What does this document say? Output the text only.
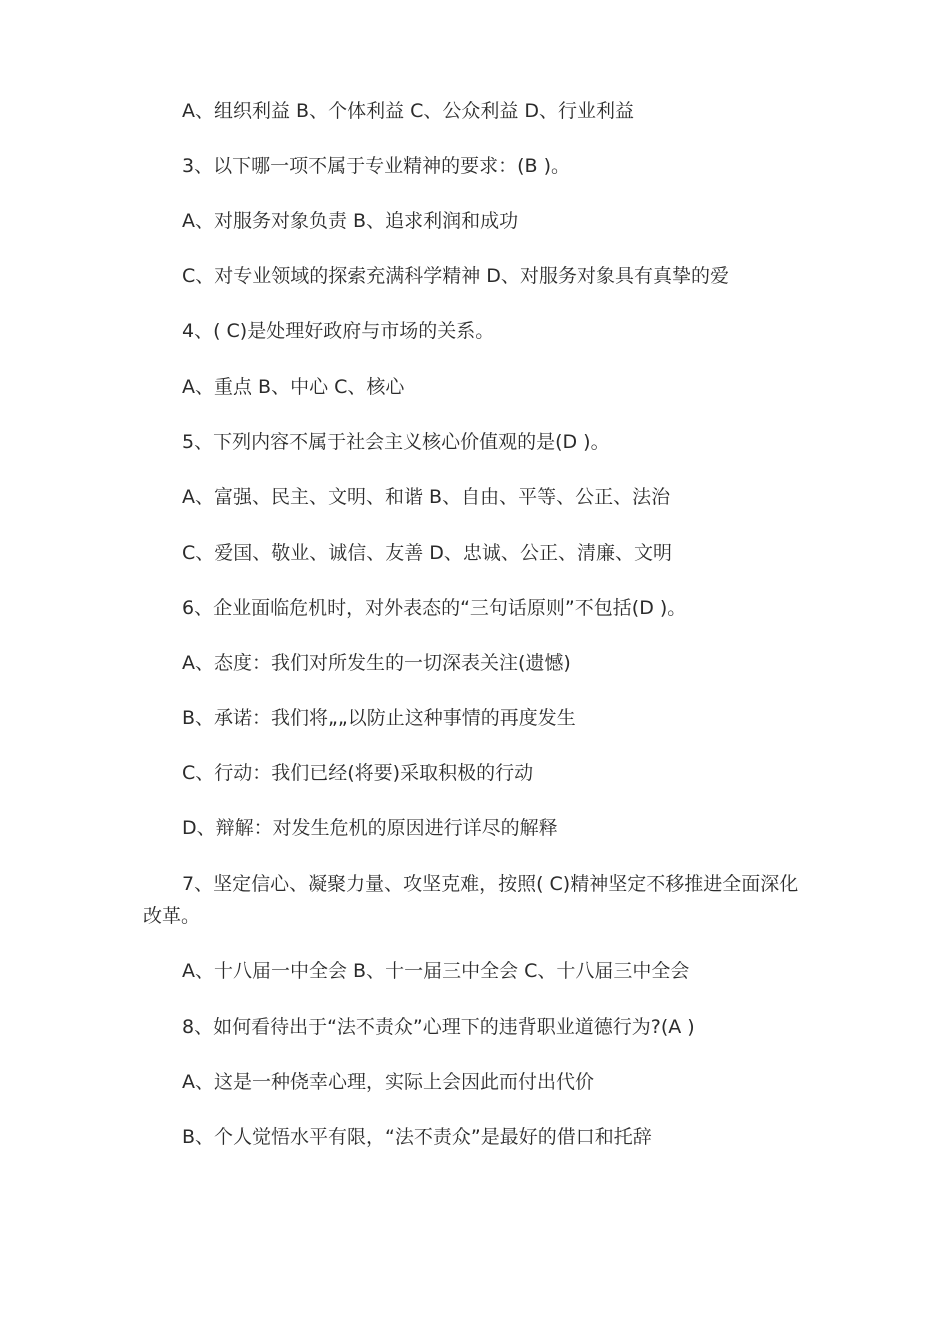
A、组织利益 B、个体利益 C、公众利益 D、行业利益
3、以下哪一项不属于专业精神的要求：(B )。
A、对服务对象负责 B、追求利润和成功
C、对专业领域的探索充满科学精神 D、对服务对象具有真挚的爱
4、( C)是处理好政府与市场的关系。
A、重点 B、中心 C、核心
5、下列内容不属于社会主义核心价值观的是(D )。
A、富强、民主、文明、和谐 B、自由、平等、公正、法治
C、爱国、敬业、诚信、友善 D、忠诚、公正、清廉、文明
6、企业面临危机时，对外表态的“三句话原则”不包括(D )。
A、态度：我们对所发生的一切深表关注(遗憾)
B、承诺：我们将„„以防止这种事情的再度发生
C、行动：我们已经(将要)采取积极的行动
D、辩解：对发生危机的原因进行详尽的解释
7、坚定信心、凝聚力量、攻坚克难，按照( C)精神坚定不移推进全面深化改革。
A、十八届一中全会 B、十一届三中全会 C、十八届三中全会
8、如何看待出于“法不责众”心理下的违背职业道德行为?(A )
A、这是一种侥幸心理，实际上会因此而付出代价
B、个人觉悟水平有限，“法不责众”是最好的借口和托辞
